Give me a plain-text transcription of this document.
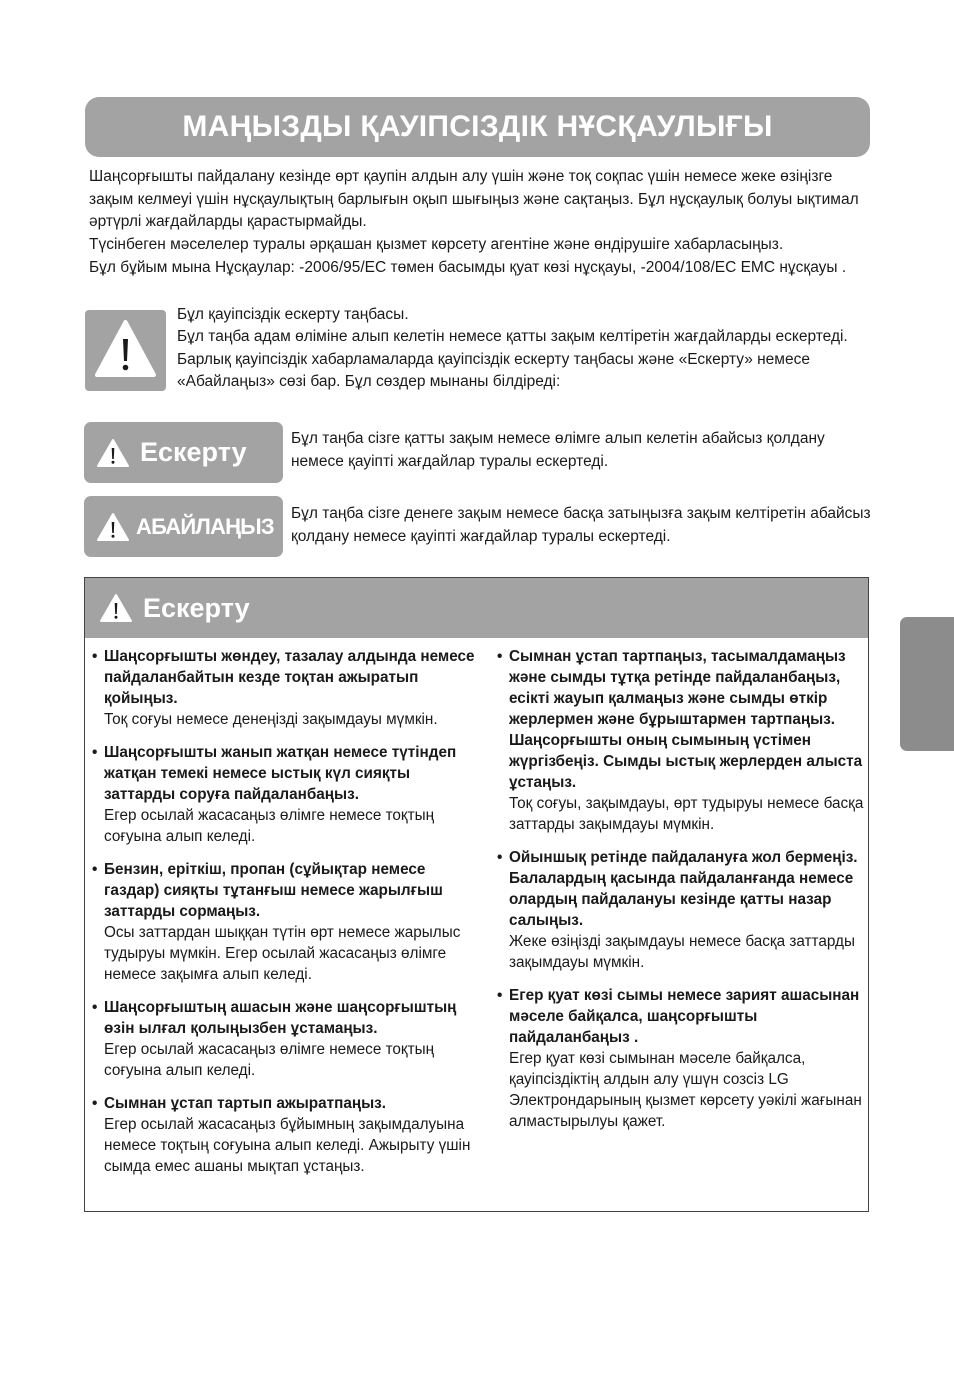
МАҢЫЗДЫ ҚАУІПСІЗДІК НҰСҚАУЛЫҒЫ

Шаңсорғышты пайдалану кезінде өрт қаупін алдын алу үшін және тоқ соқпас үшін немесе жеке өзіңізге зақым келмеуі үшін нұсқаулықтың барлығын оқып шығыңыз және сақтаңыз. Бұл нұсқаулық болуы ықтимал әртүрлі жағдайларды қарастырмайды.

Түсінбеген мәселелер туралы әрқашан қызмет көрсету агентіне және өндірушіге хабарласыңыз.

Бұл бұйым мына Нұсқаулар: -2006/95/EC төмен басымды қуат көзі нұсқауы, -2004/108/EC EMC нұсқауы .

Бұл қауіпсіздік ескерту таңбасы.

Бұл таңба адам өліміне алып келетін немесе қатты зақым келтіретін жағдайларды ескертеді.

Барлық қауіпсіздік хабарламаларда қауіпсіздік ескерту таңбасы және «Ескерту» немесе «Абайлаңыз» сөзі бар. Бұл сөздер мынаны білдіреді:

Ескерту	Бұл таңба сізге қатты зақым немесе өлімге алып келетін абайсыз қолдану немесе қауіпті жағдайлар туралы ескертеді.
АБАЙЛАҢЫЗ Бұл таңба сізге денеге зақым немесе басқа затыңызға зақым келтіретін абайсыз қолдану немесе қауіпті жағдайлар туралы ескертеді.
Ескерту

• Шаңсорғышты жөндеу, тазалау алдында немесе пайдаланбайтын кезде тоқтан ажыратып қойыңыз.

Тоқ соғуы немесе денеңізді зақымдауы мүмкін.

• Шаңсорғышты жанып жатқан немесе түтіндеп жатқан темекі немесе ыстық күл сияқты заттарды соруға пайдаланбаңыз.

Егер осылай жасасаңыз өлімге немесе тоқтың соғуына алып келеді.

• Бензин, еріткіш, пропан (сұйықтар немесе газдар) сияқты тұтанғыш немесе жарылғыш заттарды сормаңыз.

Осы заттардан шыққан түтін өрт немесе жарылыс тудыруы мүмкін. Егер осылай жасасаңыз өлімге немесе зақымға алып келеді.

• Шаңсорғыштың ашасын және шаңсорғыштың өзін ылғал қолыңызбен ұстамаңыз.

Егер осылай жасасаңыз өлімге немесе тоқтың соғуына алып келеді.

• Сымнан ұстап тартып ажыратпаңыз.

Егер осылай жасасаңыз бұйымның зақымдалуына немесе тоқтың соғуына алып келеді. Ажырыту үшін сымда емес ашаны мықтап ұстаңыз.

• Сымнан ұстап тартпаңыз, тасымалдамаңыз және сымды тұтқа ретінде пайдаланбаңыз, есікті жауып қалмаңыз және сымды өткір жерлермен және бұрыштармен тартпаңыз. Шаңсорғышты оның сымының үстімен жүргізбеңіз. Сымды ыстық жерлерден алыста ұстаңыз.

Тоқ соғуы, зақымдауы, өрт тудыруы немесе басқа заттарды зақымдауы мүмкін.

• Ойыншық ретінде пайдалануға жол бермеңіз. Балалардың қасында пайдаланғанда немесе олардың пайдалануы кезінде қатты назар салыңыз.

Жеке өзіңізді зақымдауы немесе басқа заттарды зақымдауы мүмкін.

• Егер қуат көзі сымы немесе зарият ашасынан мәселе байқалса, шаңсорғышты пайдаланбаңыз .

Егер қуат көзі сымынан мәселе байқалса, қауіпсіздіктің алдын алу үшүн созсіз LG Электрондарының қызмет көрсету уәкілі жағынан алмастырылуы қажет.
